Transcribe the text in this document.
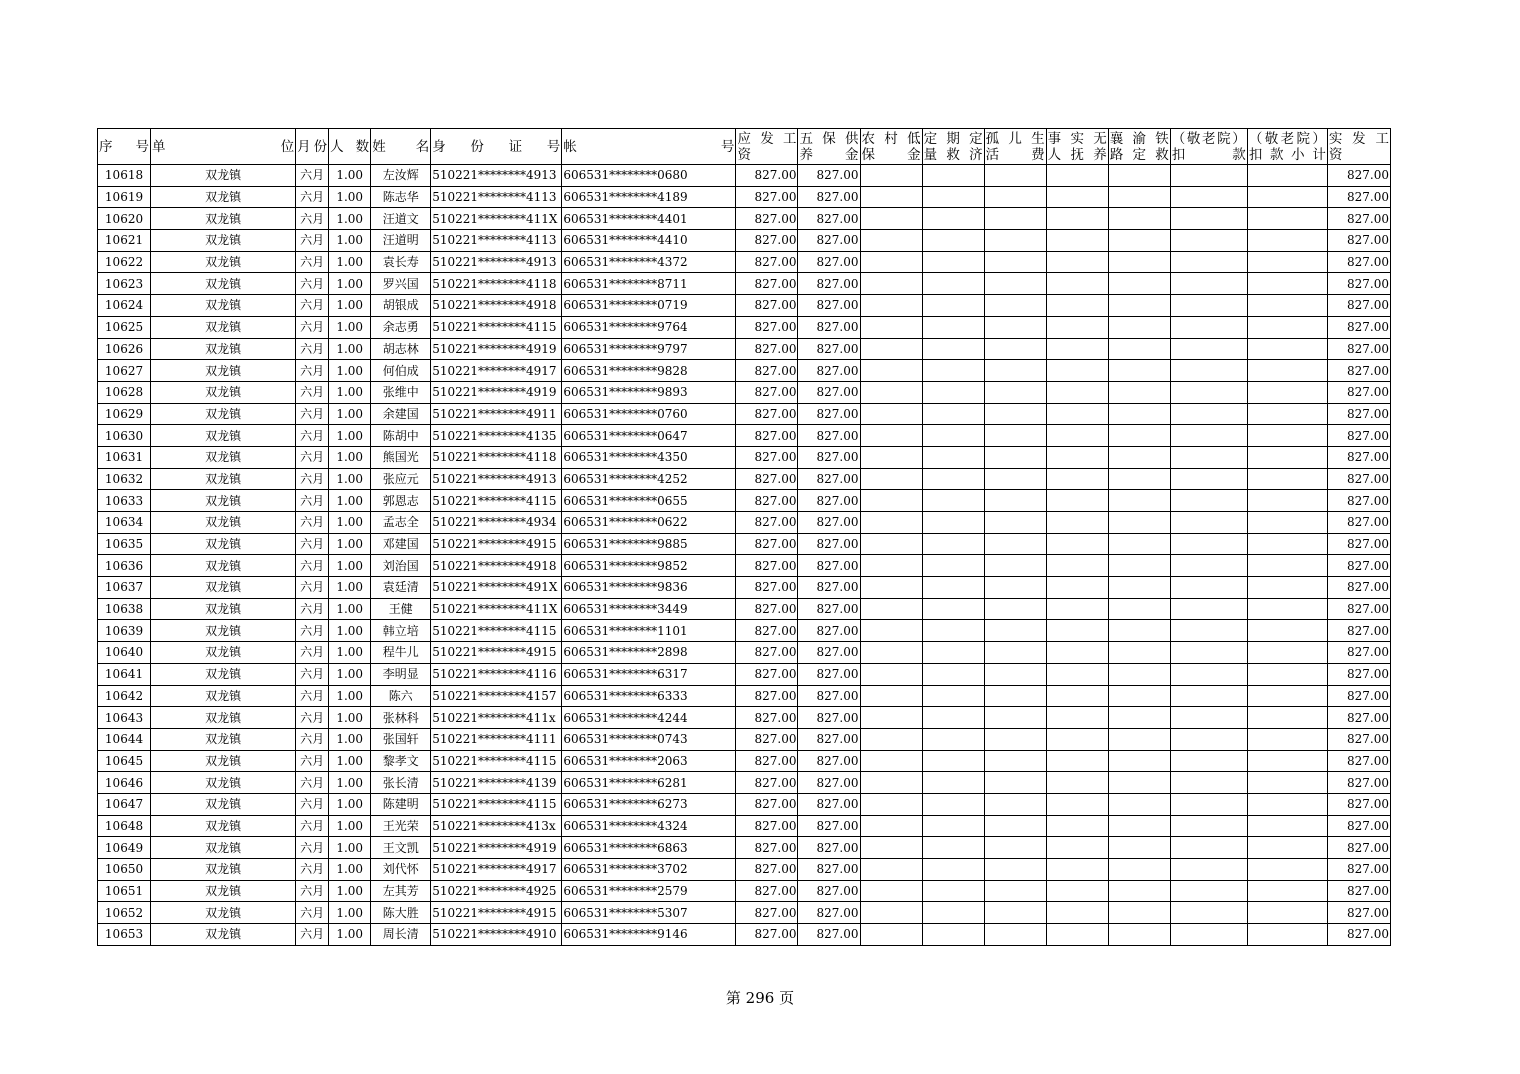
序　号	单　　　　　　位	月份	人 数	姓　　名	身　份　证　号	帐　　　　　　　　号	应 发 工 资	五 保 供 养 金	农 村 低 保 金	定 期 定 量 救 济	孤 儿 生 活 费	事 实 无 人 抚 养	襄 渝 铁 路 定 救	（敬老院）扣　　款	（敬老院）扣 款 小 计	实 发 工 资
10618	双龙镇	六月	1.00	左汝辉	510221********4913	606531********0680	827.00	827.00								827.00
10619	双龙镇	六月	1.00	陈志华	510221********4113	606531********4189	827.00	827.00								827.00
10620	双龙镇	六月	1.00	汪道文	510221********411X	606531********4401	827.00	827.00								827.00
10621	双龙镇	六月	1.00	汪道明	510221********4113	606531********4410	827.00	827.00								827.00
10622	双龙镇	六月	1.00	袁长寿	510221********4913	606531********4372	827.00	827.00								827.00
10623	双龙镇	六月	1.00	罗兴国	510221********4118	606531********8711	827.00	827.00								827.00
10624	双龙镇	六月	1.00	胡银成	510221********4918	606531********0719	827.00	827.00								827.00
10625	双龙镇	六月	1.00	余志勇	510221********4115	606531********9764	827.00	827.00								827.00
10626	双龙镇	六月	1.00	胡志林	510221********4919	606531********9797	827.00	827.00								827.00
10627	双龙镇	六月	1.00	何伯成	510221********4917	606531********9828	827.00	827.00								827.00
10628	双龙镇	六月	1.00	张维中	510221********4919	606531********9893	827.00	827.00								827.00
10629	双龙镇	六月	1.00	余建国	510221********4911	606531********0760	827.00	827.00								827.00
10630	双龙镇	六月	1.00	陈胡中	510221********4135	606531********0647	827.00	827.00								827.00
10631	双龙镇	六月	1.00	熊国光	510221********4118	606531********4350	827.00	827.00								827.00
10632	双龙镇	六月	1.00	张应元	510221********4913	606531********4252	827.00	827.00								827.00
10633	双龙镇	六月	1.00	郭恩志	510221********4115	606531********0655	827.00	827.00								827.00
10634	双龙镇	六月	1.00	孟志全	510221********4934	606531********0622	827.00	827.00								827.00
10635	双龙镇	六月	1.00	邓建国	510221********4915	606531********9885	827.00	827.00								827.00
10636	双龙镇	六月	1.00	刘治国	510221********4918	606531********9852	827.00	827.00								827.00
10637	双龙镇	六月	1.00	袁廷清	510221********491X	606531********9836	827.00	827.00								827.00
10638	双龙镇	六月	1.00	王健	510221********411X	606531********3449	827.00	827.00								827.00
10639	双龙镇	六月	1.00	韩立培	510221********4115	606531********1101	827.00	827.00								827.00
10640	双龙镇	六月	1.00	程牛儿	510221********4915	606531********2898	827.00	827.00								827.00
10641	双龙镇	六月	1.00	李明显	510221********4116	606531********6317	827.00	827.00								827.00
10642	双龙镇	六月	1.00	陈六	510221********4157	606531********6333	827.00	827.00								827.00
10643	双龙镇	六月	1.00	张林科	510221********411x	606531********4244	827.00	827.00								827.00
10644	双龙镇	六月	1.00	张国轩	510221********4111	606531********0743	827.00	827.00								827.00
10645	双龙镇	六月	1.00	黎孝文	510221********4115	606531********2063	827.00	827.00								827.00
10646	双龙镇	六月	1.00	张长清	510221********4139	606531********6281	827.00	827.00								827.00
10647	双龙镇	六月	1.00	陈建明	510221********4115	606531********6273	827.00	827.00								827.00
10648	双龙镇	六月	1.00	王光荣	510221********413x	606531********4324	827.00	827.00								827.00
10649	双龙镇	六月	1.00	王文凯	510221********4919	606531********6863	827.00	827.00								827.00
10650	双龙镇	六月	1.00	刘代怀	510221********4917	606531********3702	827.00	827.00								827.00
10651	双龙镇	六月	1.00	左其芳	510221********4925	606531********2579	827.00	827.00								827.00
10652	双龙镇	六月	1.00	陈大胜	510221********4915	606531********5307	827.00	827.00								827.00
10653	双龙镇	六月	1.00	周长清	510221********4910	606531********9146	827.00	827.00								827.00
第 296 页
